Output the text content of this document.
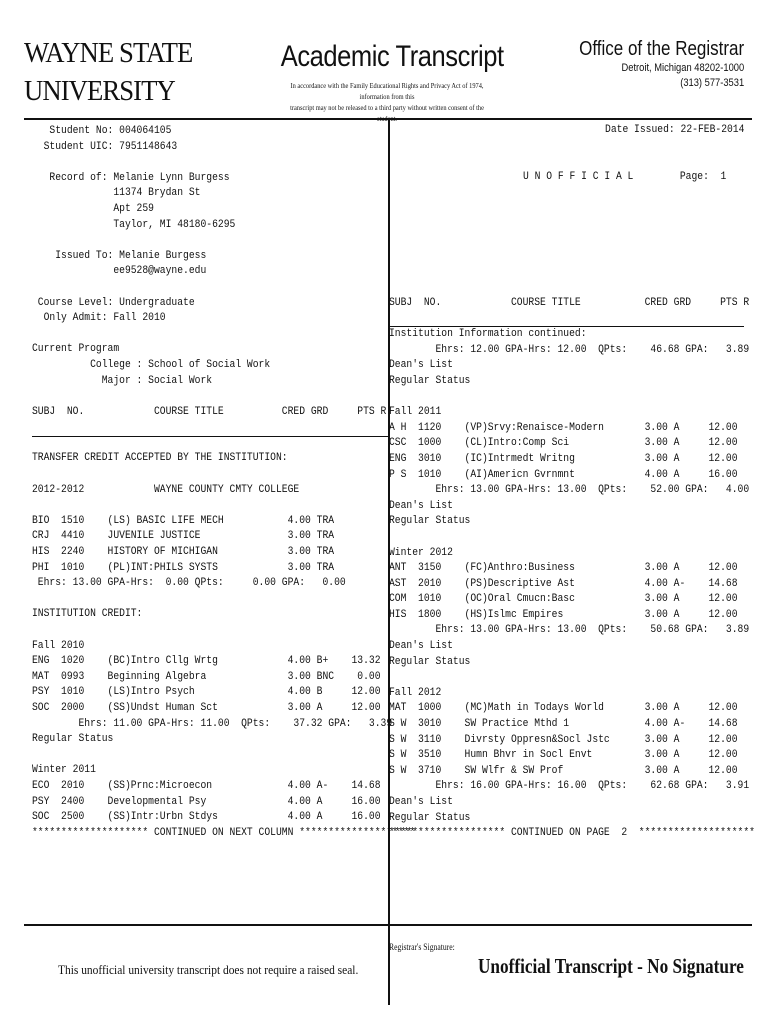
WAYNE STATE
UNIVERSITY
Academic Transcript
In accordance with the Family Educational Rights and Privacy Act of 1974, information from this
transcript may not be released to a third party without written consent of the
Office of the Registrar
Detroit, Michigan 48202-1000
(313) 577-3531
Date Issued: 22-FEB-2014
U N O F F I C I A L        Page:  1
Student No: 004064105
Student UIC: 7951148643
Record of: Melanie Lynn Burgess
11374 Brydan St
Apt 259
Taylor, MI 48180-6295
Issued To: Melanie Burgess
ee9528@wayne.edu
Course Level: Undergraduate
Only Admit: Fall 2010
Current Program
College : School of Social Work
Major : Social Work
SUBJ  NO.            COURSE TITLE          CRED GRD     PTS R
TRANSFER CREDIT ACCEPTED BY THE INSTITUTION:
2012-2012            WAYNE COUNTY CMTY COLLEGE
BIO  1510    (LS) BASIC LIFE MECH           4.00 TRA
CRJ  4410    JUVENILE JUSTICE               3.00 TRA
HIS  2240    HISTORY OF MICHIGAN            3.00 TRA
PHI  1010    (PL)INT:PHILS SYSTS            3.00 TRA
Ehrs: 13.00 GPA-Hrs:  0.00 QPts:     0.00 GPA:   0.00
INSTITUTION CREDIT:
Fall 2010
ENG  1020    (BC)Intro Cllg Wrtg            4.00 B+    13.32
MAT  0993    Beginning Algebra              3.00 BNC    0.00
PSY  1010    (LS)Intro Psych                4.00 B     12.00
SOC  2000    (SS)Undst Human Sct            3.00 A     12.00
Ehrs: 11.00 GPA-Hrs: 11.00  QPts:    37.32 GPA:   3.39
Regular Status
Winter 2011
ECO  2010    (SS)Prnc:Microecon             4.00 A-    14.68
PSY  2400    Developmental Psy              4.00 A     16.00
SOC  2500    (SS)Intr:Urbn Stdys            4.00 A     16.00
******************** CONTINUED ON NEXT COLUMN ********************
SUBJ  NO.            COURSE TITLE           CRED GRD     PTS R
Institution Information continued:
Ehrs: 12.00 GPA-Hrs: 12.00  QPts:    46.68 GPA:   3.89
Dean's List
Regular Status
Fall 2011
A H  1120    (VP)Srvy:Renaisce-Modern       3.00 A     12.00
CSC  1000    (CL)Intro:Comp Sci             3.00 A     12.00
ENG  3010    (IC)Intrmedt Writng            3.00 A     12.00
P S  1010    (AI)Americn Gvrnmnt            4.00 A     16.00
Ehrs: 13.00 GPA-Hrs: 13.00  QPts:    52.00 GPA:   4.00
Dean's List
Regular Status
Winter 2012
ANT  3150    (FC)Anthro:Business            3.00 A     12.00
AST  2010    (PS)Descriptive Ast            4.00 A-    14.68
COM  1010    (OC)Oral Cmucn:Basc            3.00 A     12.00
HIS  1800    (HS)Islmc Empires              3.00 A     12.00
Ehrs: 13.00 GPA-Hrs: 13.00  QPts:    50.68 GPA:   3.89
Dean's List
Regular Status
Fall 2012
MAT  1000    (MC)Math in Todays World       3.00 A     12.00
S W  3010    SW Practice Mthd 1             4.00 A-    14.68
S W  3110    Divrsty Oppresn&Socl Jstc      3.00 A     12.00
S W  3510    Humn Bhvr in Socl Envt         3.00 A     12.00
S W  3710    SW Wlfr & SW Prof              3.00 A     12.00
Ehrs: 16.00 GPA-Hrs: 16.00  QPts:    62.68 GPA:   3.91
Dean's List
Regular Status
******************** CONTINUED ON PAGE  2  ********************
This unofficial university transcript does not require a raised seal.
Registrar's Signature:
Unofficial Transcript - No Signature
